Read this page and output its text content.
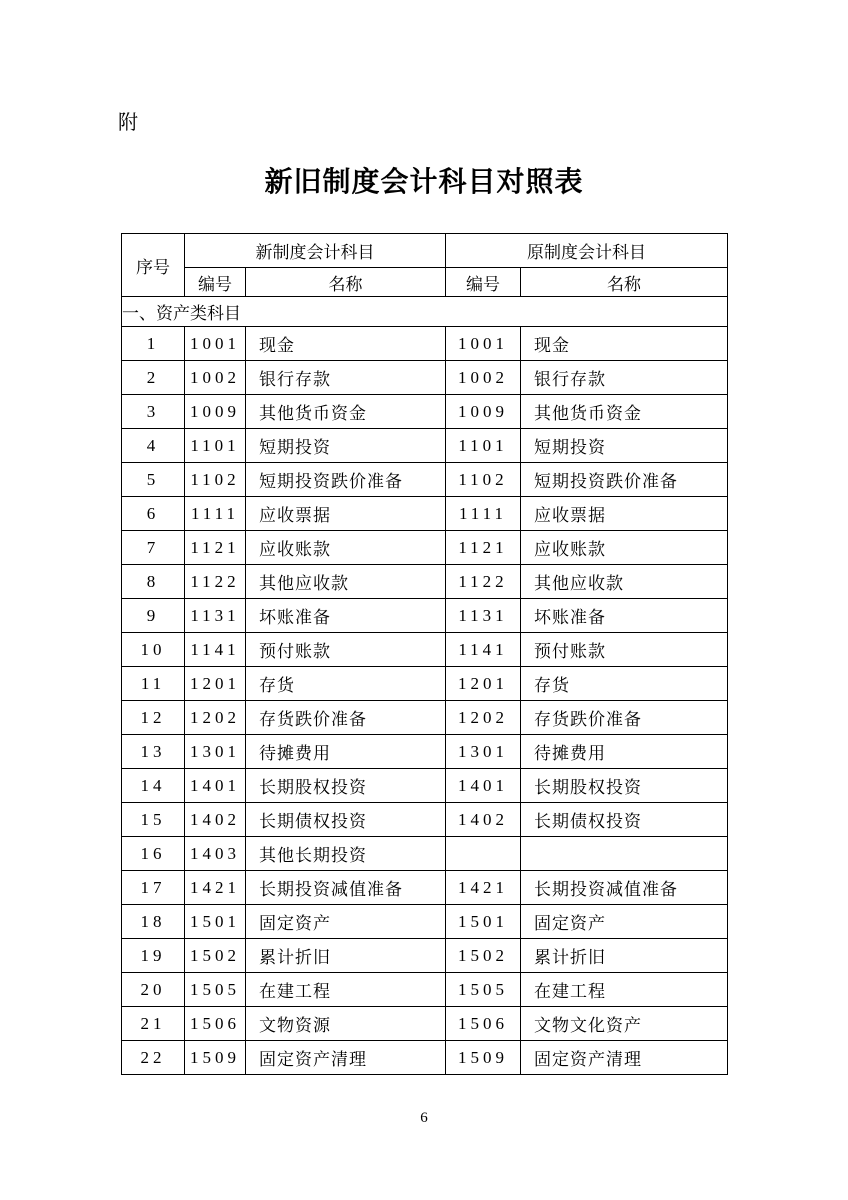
附
新旧制度会计科目对照表
序号	新制度会计科目		原制度会计科目	
	编号	名称	编号	名称
一、资产类科目				
1	1001	现金	1001	现金
2	1002	银行存款	1002	银行存款
3	1009	其他货币资金	1009	其他货币资金
4	1101	短期投资	1101	短期投资
5	1102	短期投资跌价准备	1102	短期投资跌价准备
6	1111	应收票据	1111	应收票据
7	1121	应收账款	1121	应收账款
8	1122	其他应收款	1122	其他应收款
9	1131	坏账准备	1131	坏账准备
10	1141	预付账款	1141	预付账款
11	1201	存货	1201	存货
12	1202	存货跌价准备	1202	存货跌价准备
13	1301	待摊费用	1301	待摊费用
14	1401	长期股权投资	1401	长期股权投资
15	1402	长期债权投资	1402	长期债权投资
16	1403	其他长期投资		
17	1421	长期投资减值准备	1421	长期投资减值准备
18	1501	固定资产	1501	固定资产
19	1502	累计折旧	1502	累计折旧
20	1505	在建工程	1505	在建工程
21	1506	文物资源	1506	文物文化资产
22	1509	固定资产清理	1509	固定资产清理
6
